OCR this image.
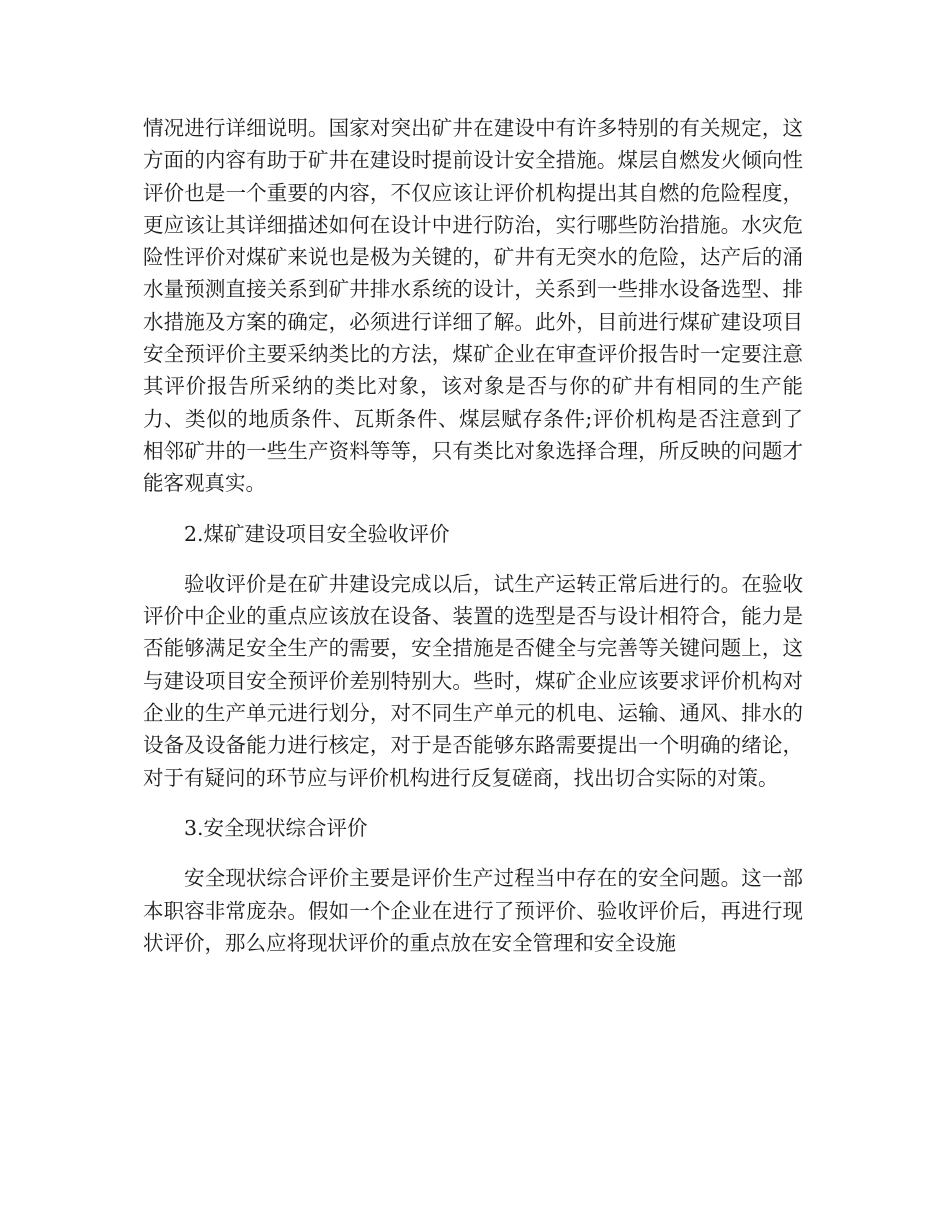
情况进行详细说明。国家对突出矿井在建设中有许多特别的有关规定，这方面的内容有助于矿井在建设时提前设计安全措施。煤层自燃发火倾向性评价也是一个重要的内容，不仅应该让评价机构提出其自燃的危险程度，更应该让其详细描述如何在设计中进行防治，实行哪些防治措施。水灾危险性评价对煤矿来说也是极为关键的，矿井有无突水的危险，达产后的涌水量预测直接关系到矿井排水系统的设计，关系到一些排水设备选型、排水措施及方案的确定，必须进行详细了解。此外，目前进行煤矿建设项目安全预评价主要采纳类比的方法，煤矿企业在审查评价报告时一定要注意其评价报告所采纳的类比对象，该对象是否与你的矿井有相同的生产能力、类似的地质条件、瓦斯条件、煤层赋存条件;评价机构是否注意到了相邻矿井的一些生产资料等等，只有类比对象选择合理，所反映的问题才能客观真实。

2.煤矿建设项目安全验收评价

验收评价是在矿井建设完成以后，试生产运转正常后进行的。在验收评价中企业的重点应该放在设备、装置的选型是否与设计相符合，能力是否能够满足安全生产的需要，安全措施是否健全与完善等关键问题上，这与建设项目安全预评价差别特别大。些时，煤矿企业应该要求评价机构对企业的生产单元进行划分，对不同生产单元的机电、运输、通风、排水的设备及设备能力进行核定，对于是否能够东路需要提出一个明确的绪论，对于有疑问的环节应与评价机构进行反复磋商，找出切合实际的对策。

3.安全现状综合评价

安全现状综合评价主要是评价生产过程当中存在的安全问题。这一部本职容非常庞杂。假如一个企业在进行了预评价、验收评价后，再进行现状评价，那么应将现状评价的重点放在安全管理和安全设施
